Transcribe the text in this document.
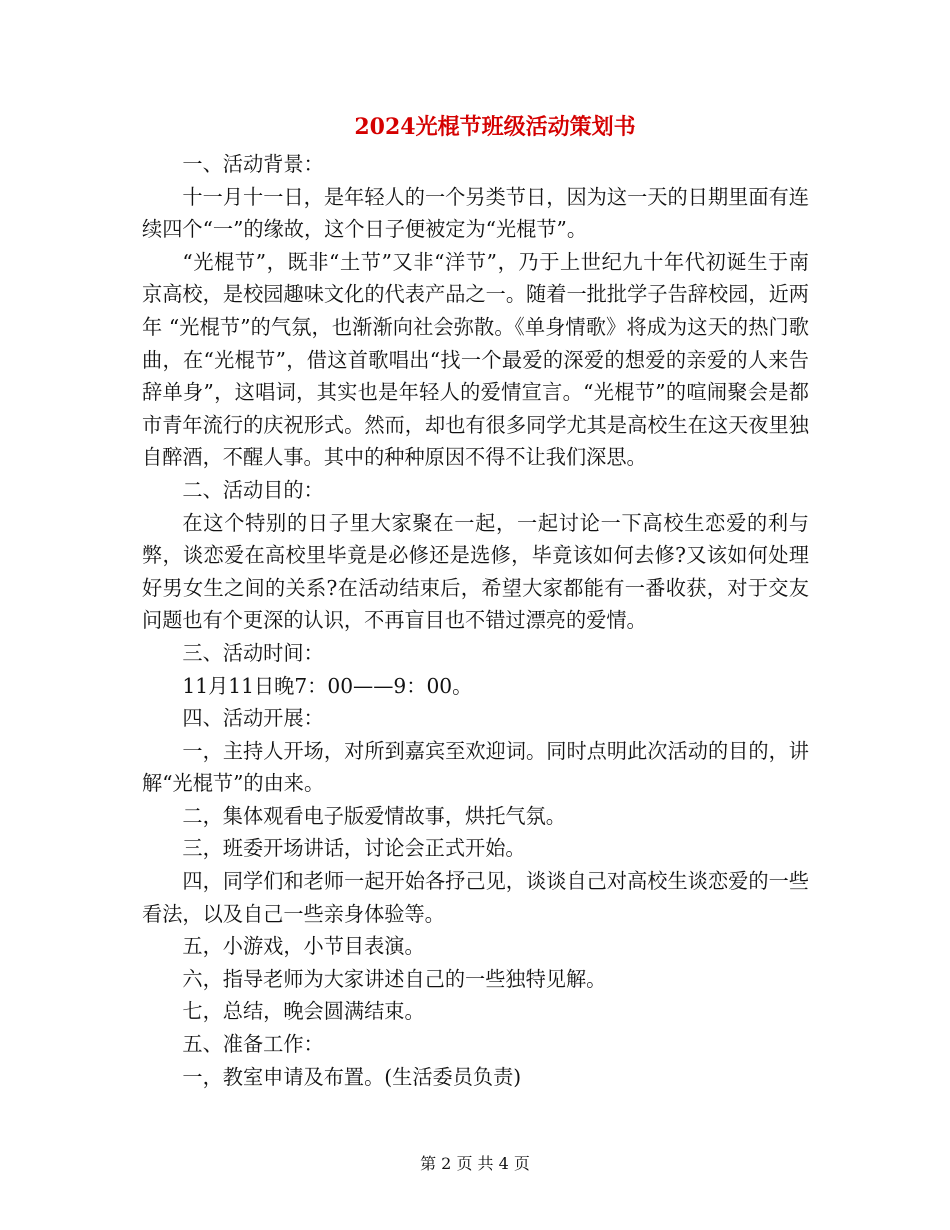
2024光棍节班级活动策划书

一、活动背景：

十一月十一日，是年轻人的一个另类节日，因为这一天的日期里面有连续四个“一”的缘故，这个日子便被定为“光棍节”。

“光棍节”，既非“土节”又非“洋节”，乃于上世纪九十年代初诞生于南京高校，是校园趣味文化的代表产品之一。随着一批批学子告辞校园，近两年 “光棍节”的气氛，也渐渐向社会弥散。《单身情歌》将成为这天的热门歌曲，在“光棍节”，借这首歌唱出“找一个最爱的深爱的想爱的亲爱的人来告辞单身”，这唱词，其实也是年轻人的爱情宣言。“光棍节”的喧闹聚会是都市青年流行的庆祝形式。然而，却也有很多同学尤其是高校生在这天夜里独自醉酒，不醒人事。其中的种种原因不得不让我们深思。

二、活动目的：

在这个特别的日子里大家聚在一起，一起讨论一下高校生恋爱的利与弊，谈恋爱在高校里毕竟是必修还是选修，毕竟该如何去修?又该如何处理好男女生之间的关系?在活动结束后，希望大家都能有一番收获，对于交友问题也有个更深的认识，不再盲目也不错过漂亮的爱情。

三、活动时间：

11月11日晚7：00——9：00。

四、活动开展：

一，主持人开场，对所到嘉宾至欢迎词。同时点明此次活动的目的，讲解“光棍节”的由来。

二，集体观看电子版爱情故事，烘托气氛。

三，班委开场讲话，讨论会正式开始。

四，同学们和老师一起开始各抒己见，谈谈自己对高校生谈恋爱的一些看法，以及自己一些亲身体验等。

五，小游戏，小节目表演。

六，指导老师为大家讲述自己的一些独特见解。

七，总结，晚会圆满结束。

五、准备工作：

一，教室申请及布置。(生活委员负责)

第 2 页 共 4 页
